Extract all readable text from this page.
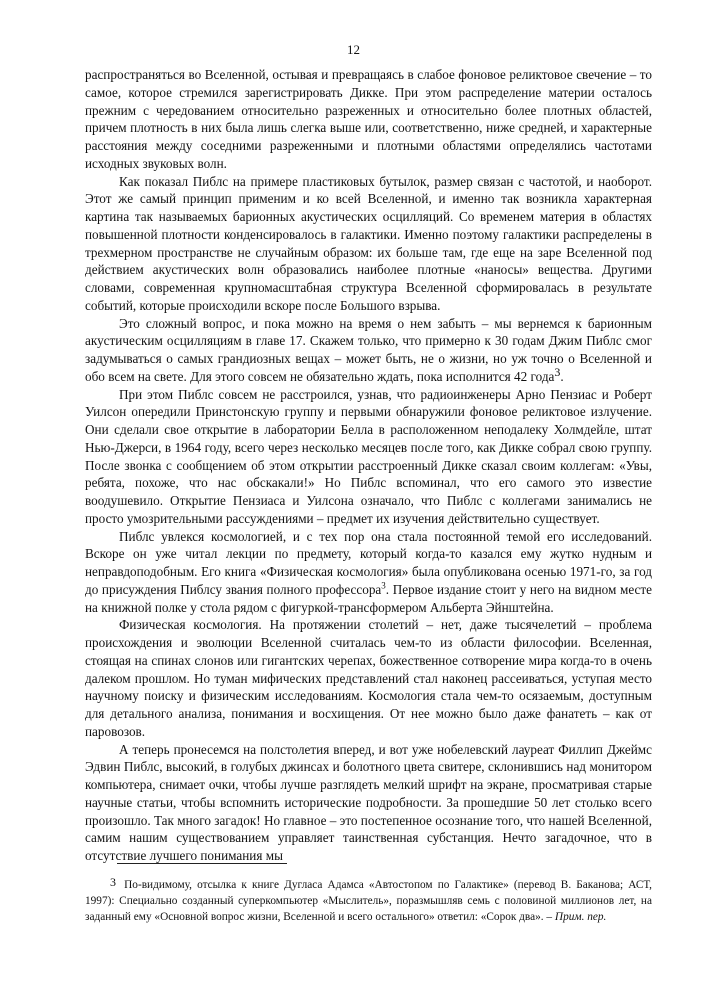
12

распространяться во Вселенной, остывая и превращаясь в слабое фоновое реликтовое свечение – то самое, которое стремился зарегистрировать Дикке. При этом распределение материи осталось прежним с чередованием относительно разреженных и относительно более плотных областей, причем плотность в них была лишь слегка выше или, соответственно, ниже средней, и характерные расстояния между соседними разреженными и плотными областями определялись частотами исходных звуковых волн.

Как показал Пиблс на примере пластиковых бутылок, размер связан с частотой, и наоборот. Этот же самый принцип применим и ко всей Вселенной, и именно так возникла характерная картина так называемых барионных акустических осцилляций. Со временем материя в областях повышенной плотности конденсировалось в галактики. Именно поэтому галактики распределены в трехмерном пространстве не случайным образом: их больше там, где еще на заре Вселенной под действием акустических волн образовались наиболее плотные «наносы» вещества. Другими словами, современная крупномасштабная структура Вселенной сформировалась в результате событий, которые происходили вскоре после Большого взрыва.

Это сложный вопрос, и пока можно на время о нем забыть – мы вернемся к барионным акустическим осцилляциям в главе 17. Скажем только, что примерно к 30 годам Джим Пиблс смог задумываться о самых грандиозных вещах – может быть, не о жизни, но уж точно о Вселенной и обо всем на свете. Для этого совсем не обязательно ждать, пока исполнится 42 года$^3$.

При этом Пиблс совсем не расстроился, узнав, что радиоинженеры Арно Пензиас и Роберт Уилсон опередили Принстонскую группу и первыми обнаружили фоновое реликтовое излучение. Они сделали свое открытие в лаборатории Белла в расположенном неподалеку Холмдейле, штат Нью-Джерси, в 1964 году, всего через несколько месяцев после того, как Дикке собрал свою группу. После звонка с сообщением об этом открытии расстроенный Дикке сказал своим коллегам: «Увы, ребята, похоже, что нас обскакали!» Но Пиблс вспоминал, что его самого это известие воодушевило. Открытие Пензиаса и Уилсона означало, что Пиблс с коллегами занимались не просто умозрительными рассуждениями – предмет их изучения действительно существует.

Пиблс увлекся космологией, и с тех пор она стала постоянной темой его исследований. Вскоре он уже читал лекции по предмету, который когда-то казался ему жутко нудным и неправдоподобным. Его книга «Физическая космология» была опубликована осенью 1971-го, за год до присуждения Пиблсу звания полного профессора$^3$. Первое издание стоит у него на видном месте на книжной полке у стола рядом с фигуркой-трансформером Альберта Эйнштейна.

Физическая космология. На протяжении столетий – нет, даже тысячелетий – проблема происхождения и эволюции Вселенной считалась чем-то из области философии. Вселенная, стоящая на спинах слонов или гигантских черепах, божественное сотворение мира когда-то в очень далеком прошлом. Но туман мифических представлений стал наконец рассеиваться, уступая место научному поиску и физическим исследованиям. Космология стала чем-то осязаемым, доступным для детального анализа, понимания и восхищения. От нее можно было даже фанатеть – как от паровозов.

А теперь пронесемся на полстолетия вперед, и вот уже нобелевский лауреат Филлип Джеймс Эдвин Пиблс, высокий, в голубых джинсах и болотного цвета свитере, склонившись над монитором компьютера, снимает очки, чтобы лучше разглядеть мелкий шрифт на экране, просматривая старые научные статьи, чтобы вспомнить исторические подробности. За прошедшие 50 лет столько всего произошло. Так много загадок! Но главное – это постепенное осознание того, что нашей Вселенной, самим нашим существованием управляет таинственная субстанция. Нечто загадочное, что в отсутствие лучшего понимания мы

3 По-видимому, отсылка к книге Дугласа Адамса «Автостопом по Галактике» (перевод В. Баканова; АСТ, 1997): Специально созданный суперкомпьютер «Мыслитель», поразмышляв семь с половиной миллионов лет, на заданный ему «Основной вопрос жизни, Вселенной и всего остального» ответил: «Сорок два». – Прим. пер.
